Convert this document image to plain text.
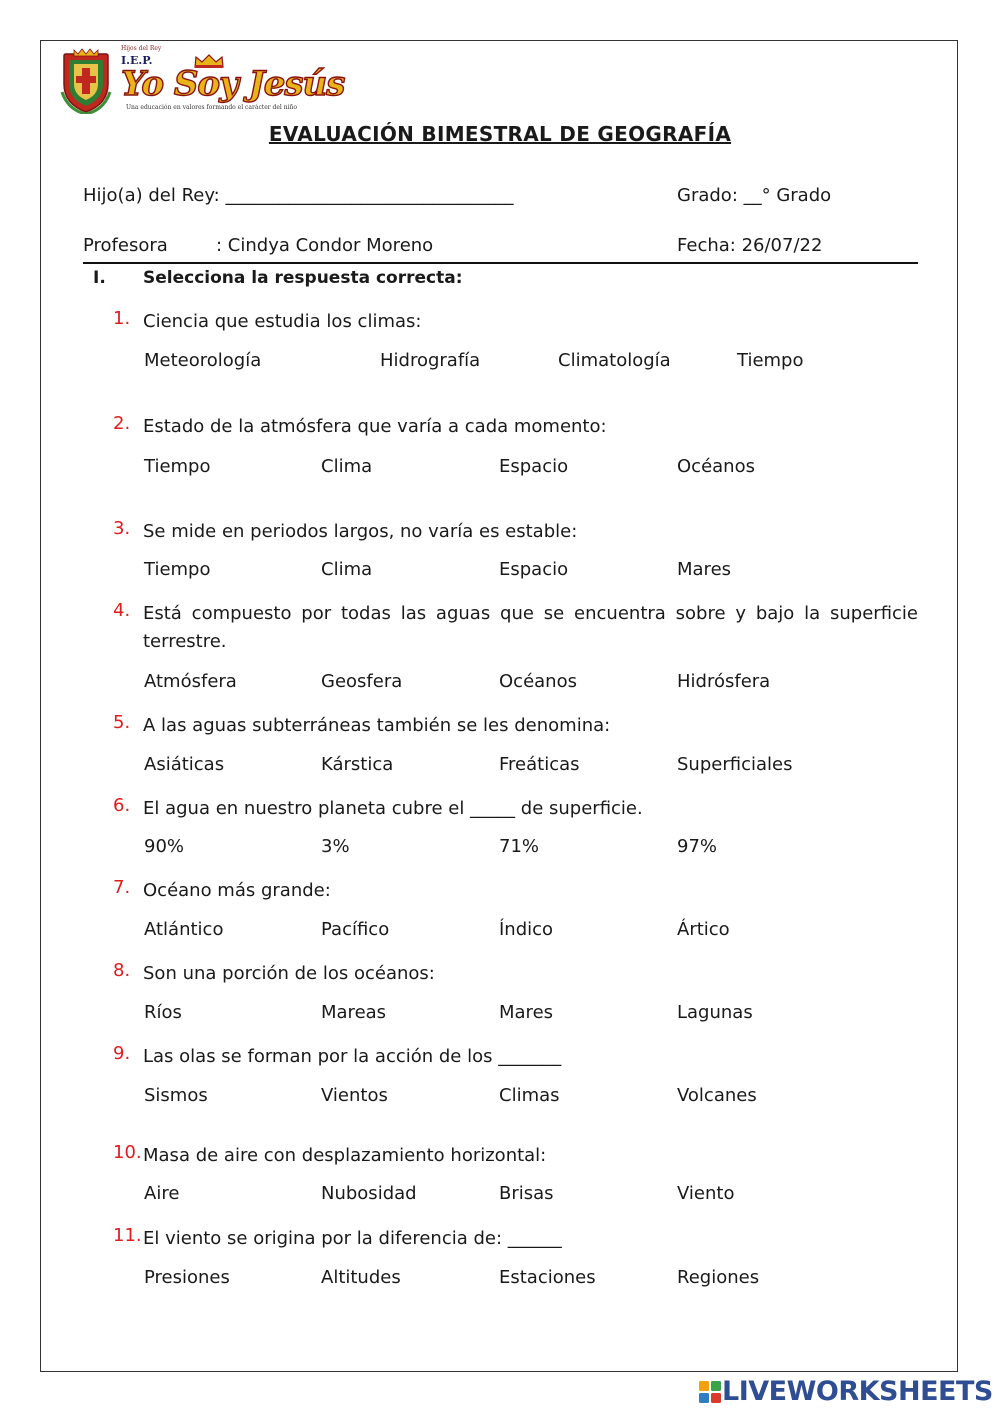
Hijos del Rey
I.E.P.
Yo Soy Jesús
Una educación en valores formando el carácter del niño
EVALUACIÓN BIMESTRAL DE GEOGRAFÍA
Hijo(a) del Rey: ________________________________	Grado: __° Grado
Profesora	: Cindya Condor Moreno	Fecha: 26/07/22
I. Selecciona la respuesta correcta:
1. Ciencia que estudia los climas:
Meteorología	Hidrografía	Climatología	Tiempo
2. Estado de la atmósfera que varía a cada momento:
Tiempo	Clima	Espacio	Océanos
3. Se mide en periodos largos, no varía es estable:
Tiempo	Clima	Espacio	Mares
4. Está compuesto por todas las aguas que se encuentra sobre y bajo la superficie terrestre.
Atmósfera	Geosfera	Océanos	Hidrósfera
5. A las aguas subterráneas también se les denomina:
Asiáticas	Kárstica	Freáticas	Superficiales
6. El agua en nuestro planeta cubre el _____ de superficie.
90%	3%	71%	97%
7. Océano más grande:
Atlántico	Pacífico	Índico	Ártico
8. Son una porción de los océanos:
Ríos	Mareas	Mares	Lagunas
9. Las olas se forman por la acción de los _______
Sismos	Vientos	Climas	Volcanes
10. Masa de aire con desplazamiento horizontal:
Aire	Nubosidad	Brisas	Viento
11. El viento se origina por la diferencia de: ______
Presiones	Altitudes	Estaciones	Regiones
LIVEWORKSHEETS
